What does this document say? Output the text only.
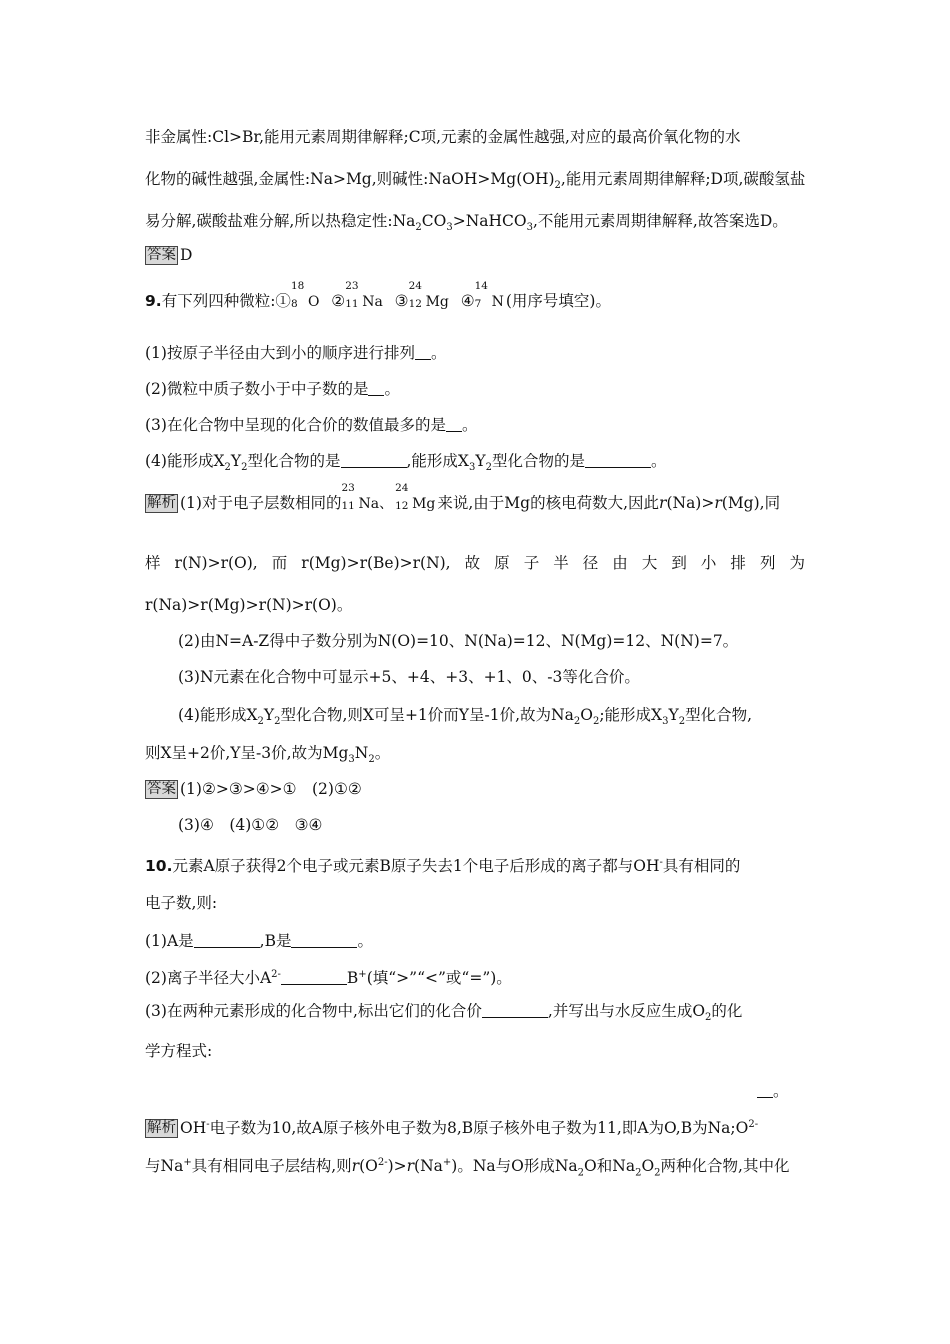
非金属性:Cl>Br,能用元素周期律解释;C项,元素的金属性越强,对应的最高价氧化物的水
化物的碱性越强,金属性:Na>Mg,则碱性$:NaOH>Mg(OH)_2$,能用元素周期律解释;D项,碳酸氢盐
易分解,碳酸盐难分解,所以热稳定性$:Na_2CO_3>NaHCO_3$,不能用元素周期律解释,故答案选D。
答案 D
9.有下列四种微粒:①
18
8 O ②
23
11 Na ③
24
12 Mg ④
14
7 N (用序号填空)。
(1)按原子半径由大到小的顺序进行排列 。
(2)微粒中质子数小于中子数的是 。
(3)在化合物中呈现的化合价的数值最多的是 。
(4)能形成$X_2Y_2$型化合物的是	,能形成$X_3Y_2$型化合物的是	。
解析 (1)对于电子层数相同的
23
11 Na、
24
12 Mg 来说,由于Mg的核电荷数大,因此r(Na)>r(Mg),同
样 r(N)>r(O), 而 r(Mg)>r(Be)>r(N), 故 原 子 半 径 由 大 到 小 排 列 为
r(Na)>r(Mg)>r(N)>r(O)。
(2)由N=A-Z得中子数分别为N(O)=10、N(Na)=12、N(Mg)=12、N(N)=7。
(3)N元素在化合物中可显示+5、+4、+3、+1、0、-3等化合价。
(4)能形成$X_2Y_2$型化合物,则X可呈+1价而Y呈-1价,故为$Na_2O_2$;能形成$X_3Y_2$型化合物,
则X呈+2价,Y呈-3价,故为$Mg_3N_2$。
答案 (1)②>③>④>①　(2)①②
(3)④　(4)①②　③④
10.元素A原子获得2个电子或元素B原子失去1个电子后形成的离子都与OH-具有相同的
电子数,则:
(1)A是	,B是	。
(2)离子半径大小$A^{2-}$	B+(填“>”“<”或“=”)。
(3)在两种元素形成的化合物中,标出它们的化合价	,并写出与水反应生成$O_2$的化
学方程式:
。
解析 OH-电子数为10,故A原子核外电子数为8,B原子核外电子数为11,即A为O,B为$Na;O^{2-}$
与Na+具有相同电子层结构,则$r(O^{2-})>r(Na^+)$。Na与O形成$Na_2O$和$Na_2O_2$两种化合物,其中化
